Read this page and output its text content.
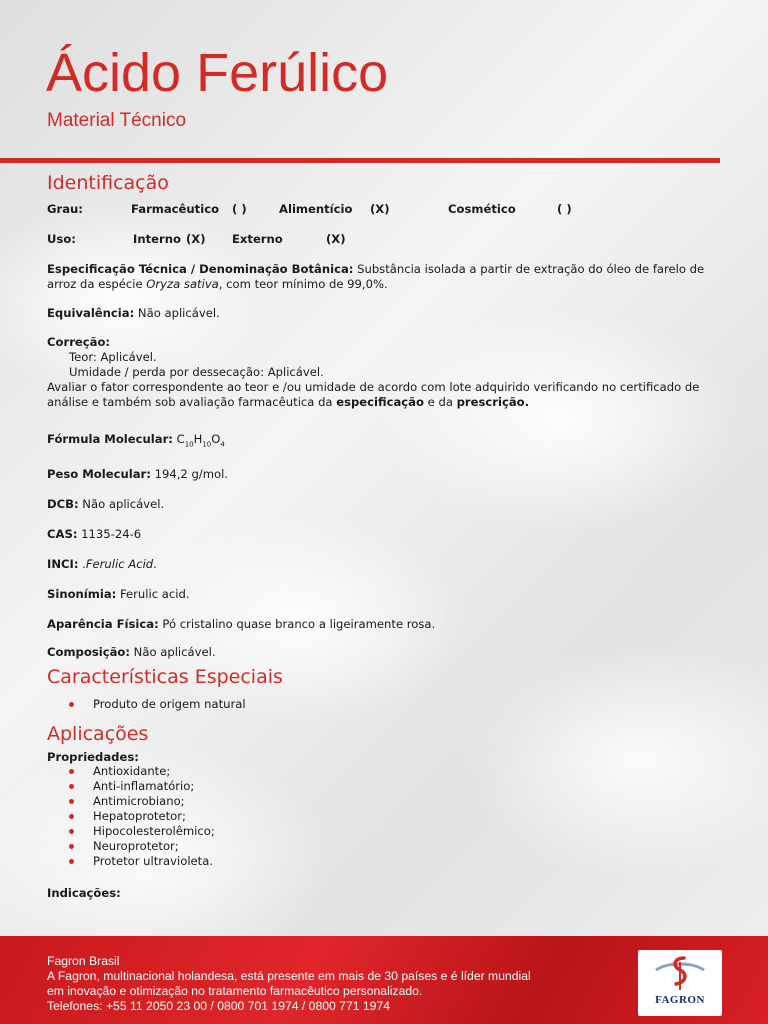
Ácido Ferúlico
Material Técnico
Identificação
Grau:	Farmacêutico ( )	Alimentício (X)	Cosmético	( )
Uso:	Interno (X) Externo	(X)

Especificação Técnica / Denominação Botânica: Substância isolada a partir de extração do óleo de farelo de arroz da espécie Oryza sativa, com teor mínimo de 99,0%.

Equivalência: Não aplicável.

Correção:

Teor: Aplicável.

Umidade / perda por dessecação: Aplicável.

Avaliar o fator correspondente ao teor e /ou umidade de acordo com lote adquirido verificando no certificado de análise e também sob avaliação farmacêutica da especificação e da prescrição.

Fórmula Molecular: $C_{10}H_{10}O_4$

Peso Molecular: 194,2 g/mol.

DCB: Não aplicável.

CAS: 1135-24-6

INCI: .Ferulic Acid.

Sinonímia: Ferulic acid.

Aparência Física: Pó cristalino quase branco a ligeiramente rosa.

Composição: Não aplicável.

Características Especiais
Produto de origem natural
Aplicações

Propriedades:

Antioxidante;
Anti-inflamatório;
Antimicrobiano;
Hepatoprotetor;
Hipocolesterolêmico;
Neuroprotetor;
Protetor ultravioleta.

Indicações:

Fagron Brasil
A Fagron, multinacional holandesa, está presente em mais de 30 países e é líder mundial
em inovação e otimização no tratamento farmacêutico personalizado.
Telefones: +55 11 2050 23 00 / 0800 701 1974 / 0800 771 1974	FAGRON
